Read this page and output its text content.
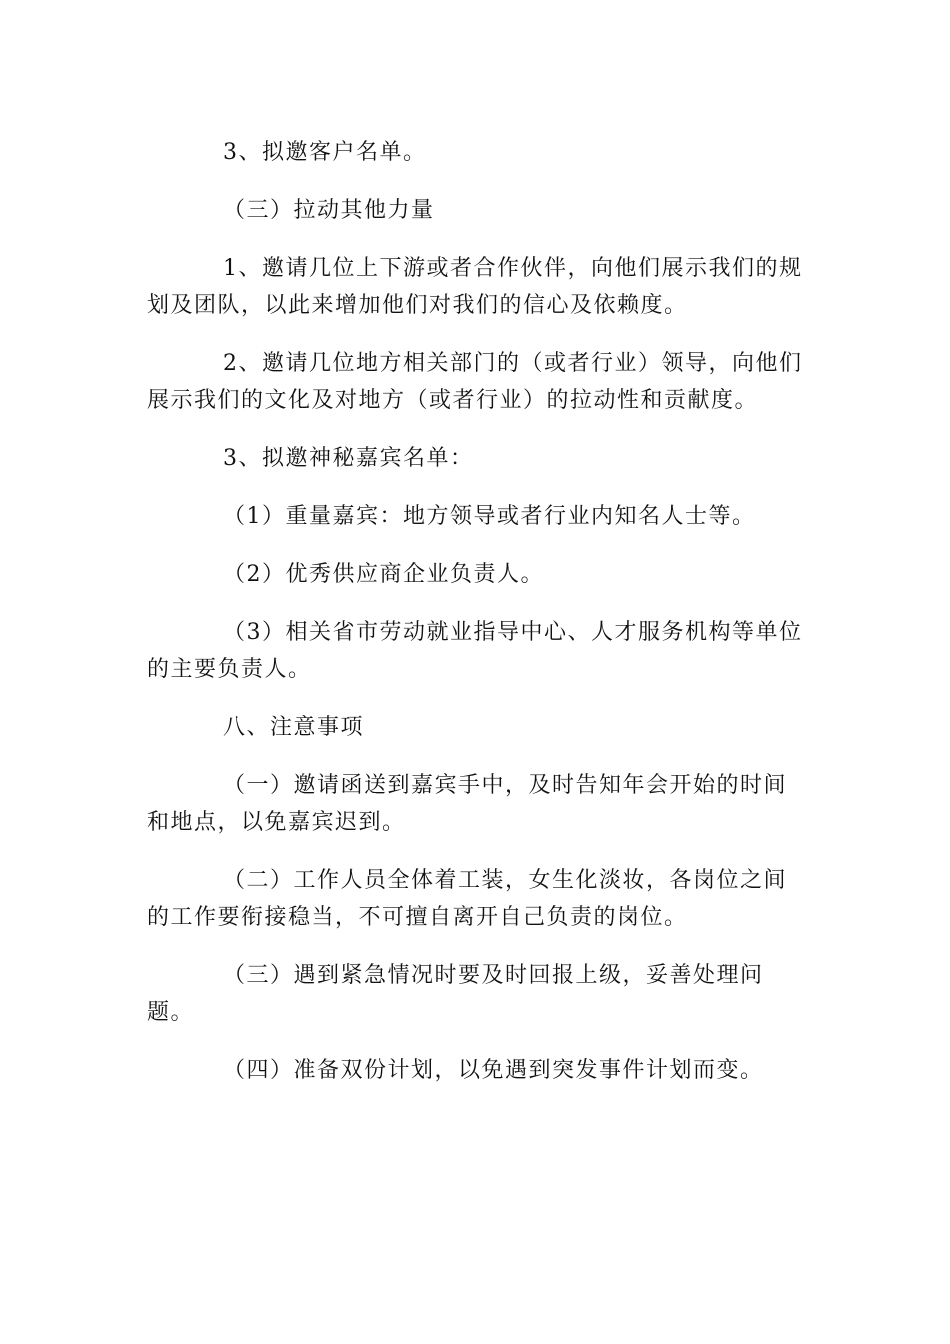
3、拟邀客户名单。

（三）拉动其他力量

1、邀请几位上下游或者合作伙伴，向他们展示我们的规划及团队，以此来增加他们对我们的信心及依赖度。

2、邀请几位地方相关部门的（或者行业）领导，向他们展示我们的文化及对地方（或者行业）的拉动性和贡献度。

3、拟邀神秘嘉宾名单：

（1）重量嘉宾：地方领导或者行业内知名人士等。

（2）优秀供应商企业负责人。

（3）相关省市劳动就业指导中心、人才服务机构等单位的主要负责人。

八、注意事项

（一）邀请函送到嘉宾手中，及时告知年会开始的时间和地点，以免嘉宾迟到。

（二）工作人员全体着工装，女生化淡妆，各岗位之间的工作要衔接稳当，不可擅自离开自己负责的岗位。

（三）遇到紧急情况时要及时回报上级，妥善处理问题。

（四）准备双份计划，以免遇到突发事件计划而变。
